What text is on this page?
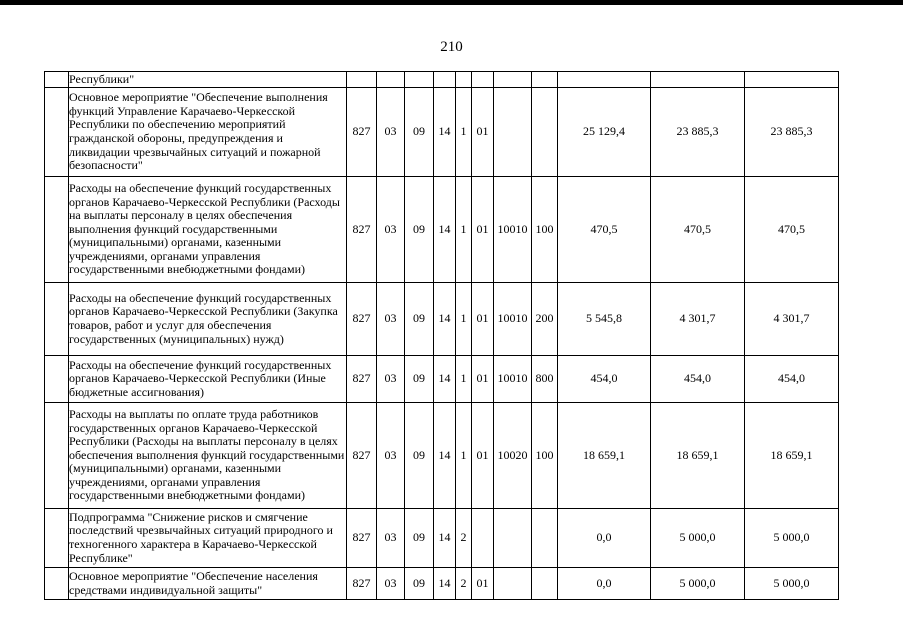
210
	Республики"											
	Основное мероприятие "Обеспечение выполнения функций Управление Карачаево-Черкесской Республики по обеспечению мероприятий гражданской обороны, предупреждения и ликвидации чрезвычайных ситуаций и пожарной безопасности"	827	03	09	14	1	01			25 129,4	23 885,3	23 885,3
	Расходы на обеспечение функций государственных органов Карачаево-Черкесской Республики (Расходы на выплаты персоналу в целях обеспечения выполнения функций государственными (муниципальными) органами, казенными учреждениями, органами управления государственными внебюджетными фондами)	827	03	09	14	1	01	10010	100	470,5	470,5	470,5
	Расходы на обеспечение функций государственных органов Карачаево-Черкесской Республики (Закупка товаров, работ и услуг для обеспечения государственных (муниципальных) нужд)	827	03	09	14	1	01	10010	200	5 545,8	4 301,7	4 301,7
	Расходы на обеспечение функций государственных органов Карачаево-Черкесской Республики (Иные бюджетные ассигнования)	827	03	09	14	1	01	10010	800	454,0	454,0	454,0
	Расходы на выплаты по оплате труда работников государственных органов Карачаево-Черкесской Республики (Расходы на выплаты персоналу в целях обеспечения выполнения функций государственными (муниципальными) органами, казенными учреждениями, органами управления государственными внебюджетными фондами)	827	03	09	14	1	01	10020	100	18 659,1	18 659,1	18 659,1
	Подпрограмма "Снижение рисков и смягчение последствий чрезвычайных ситуаций природного и техногенного характера в Карачаево-Черкесской Республике"	827	03	09	14	2				0,0	5 000,0	5 000,0
	Основное мероприятие "Обеспечение населения средствами индивидуальной защиты"	827	03	09	14	2	01			0,0	5 000,0	5 000,0
